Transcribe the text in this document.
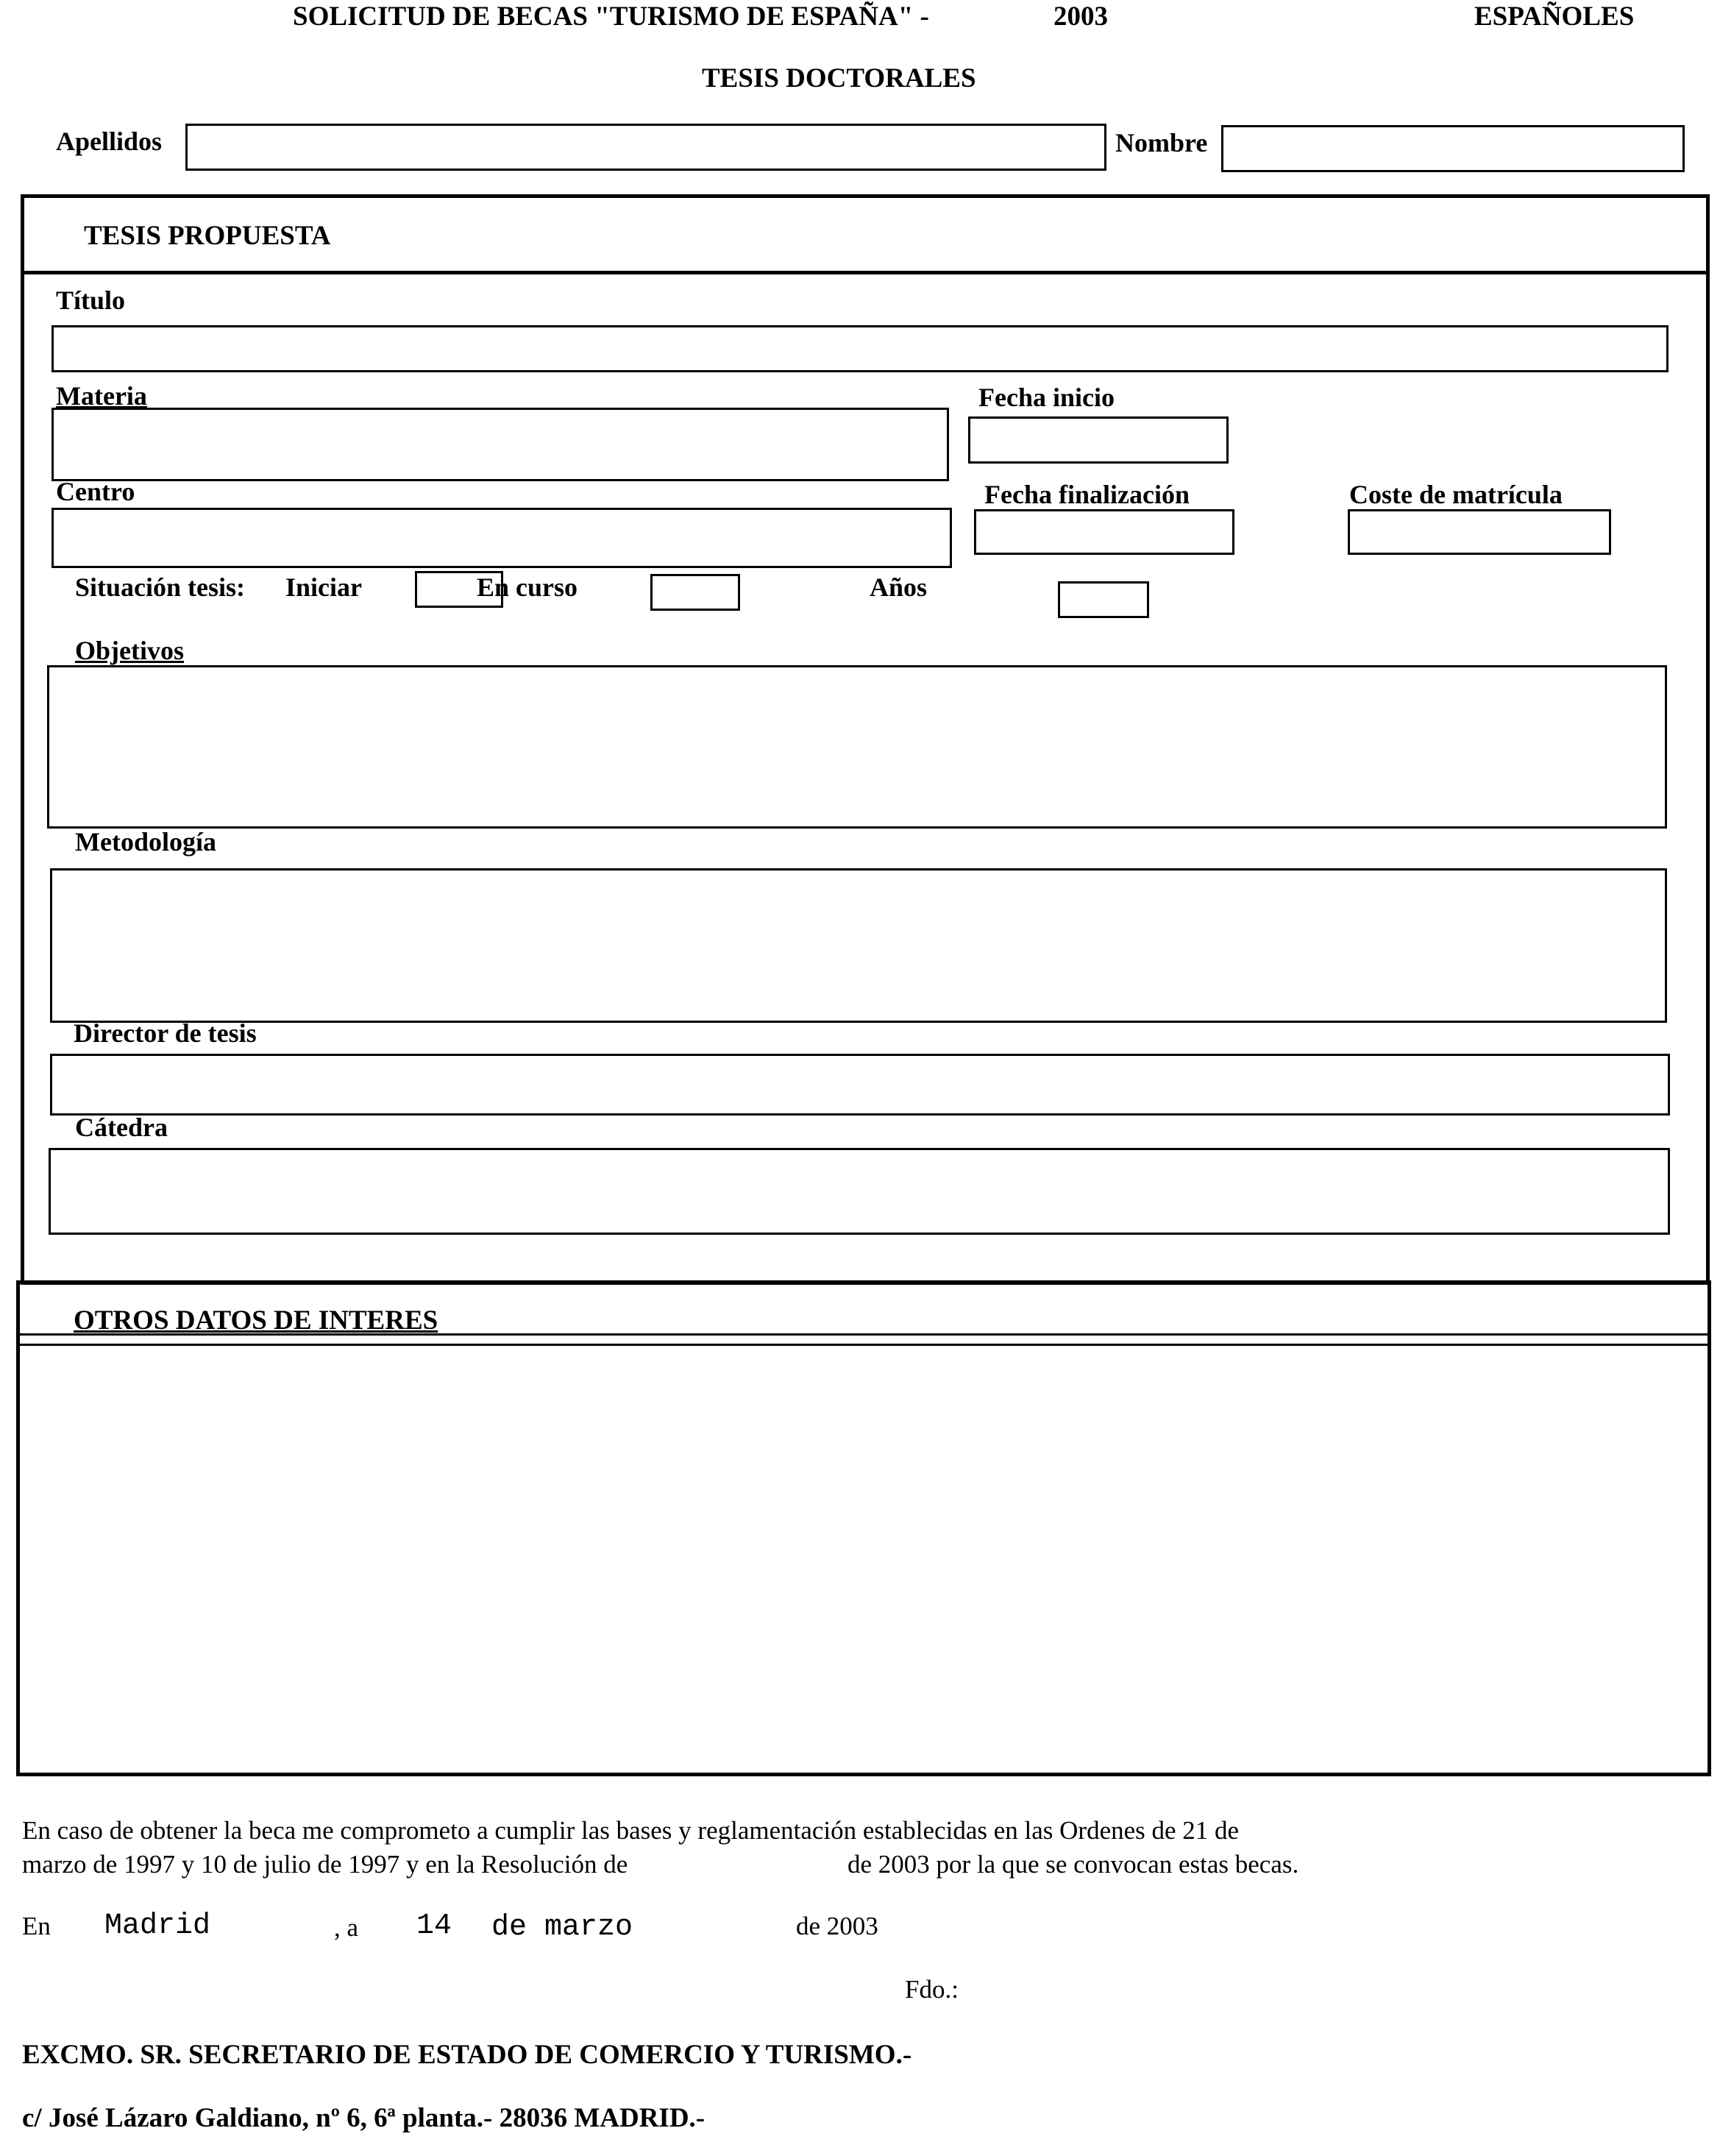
SOLICITUD DE BECAS "TURISMO DE ESPAÑA" -	2003	ESPAÑOLES
TESIS DOCTORALES
Apellidos	Nombre
TESIS PROPUESTA
Título
Materia	Fecha inicio
Centro	Fecha finalización	Coste de matrícula
Situación tesis: Iniciar	En curso	Años
Objetivos
Metodología
Director de tesis
Cátedra
OTROS DATOS DE INTERES
En caso de obtener la beca me comprometo a cumplir las bases y reglamentación establecidas en las Ordenes de 21 de
marzo de 1997 y 10 de julio de 1997 y en la Resolución de	de 2003 por la que se convocan estas becas.
En Madrid	, a 14 de marzo	de 2003
Fdo.:
EXCMO. SR. SECRETARIO DE ESTADO DE COMERCIO Y TURISMO.-
c/ José Lázaro Galdiano, nº 6, 6ª planta.- 28036 MADRID.-
